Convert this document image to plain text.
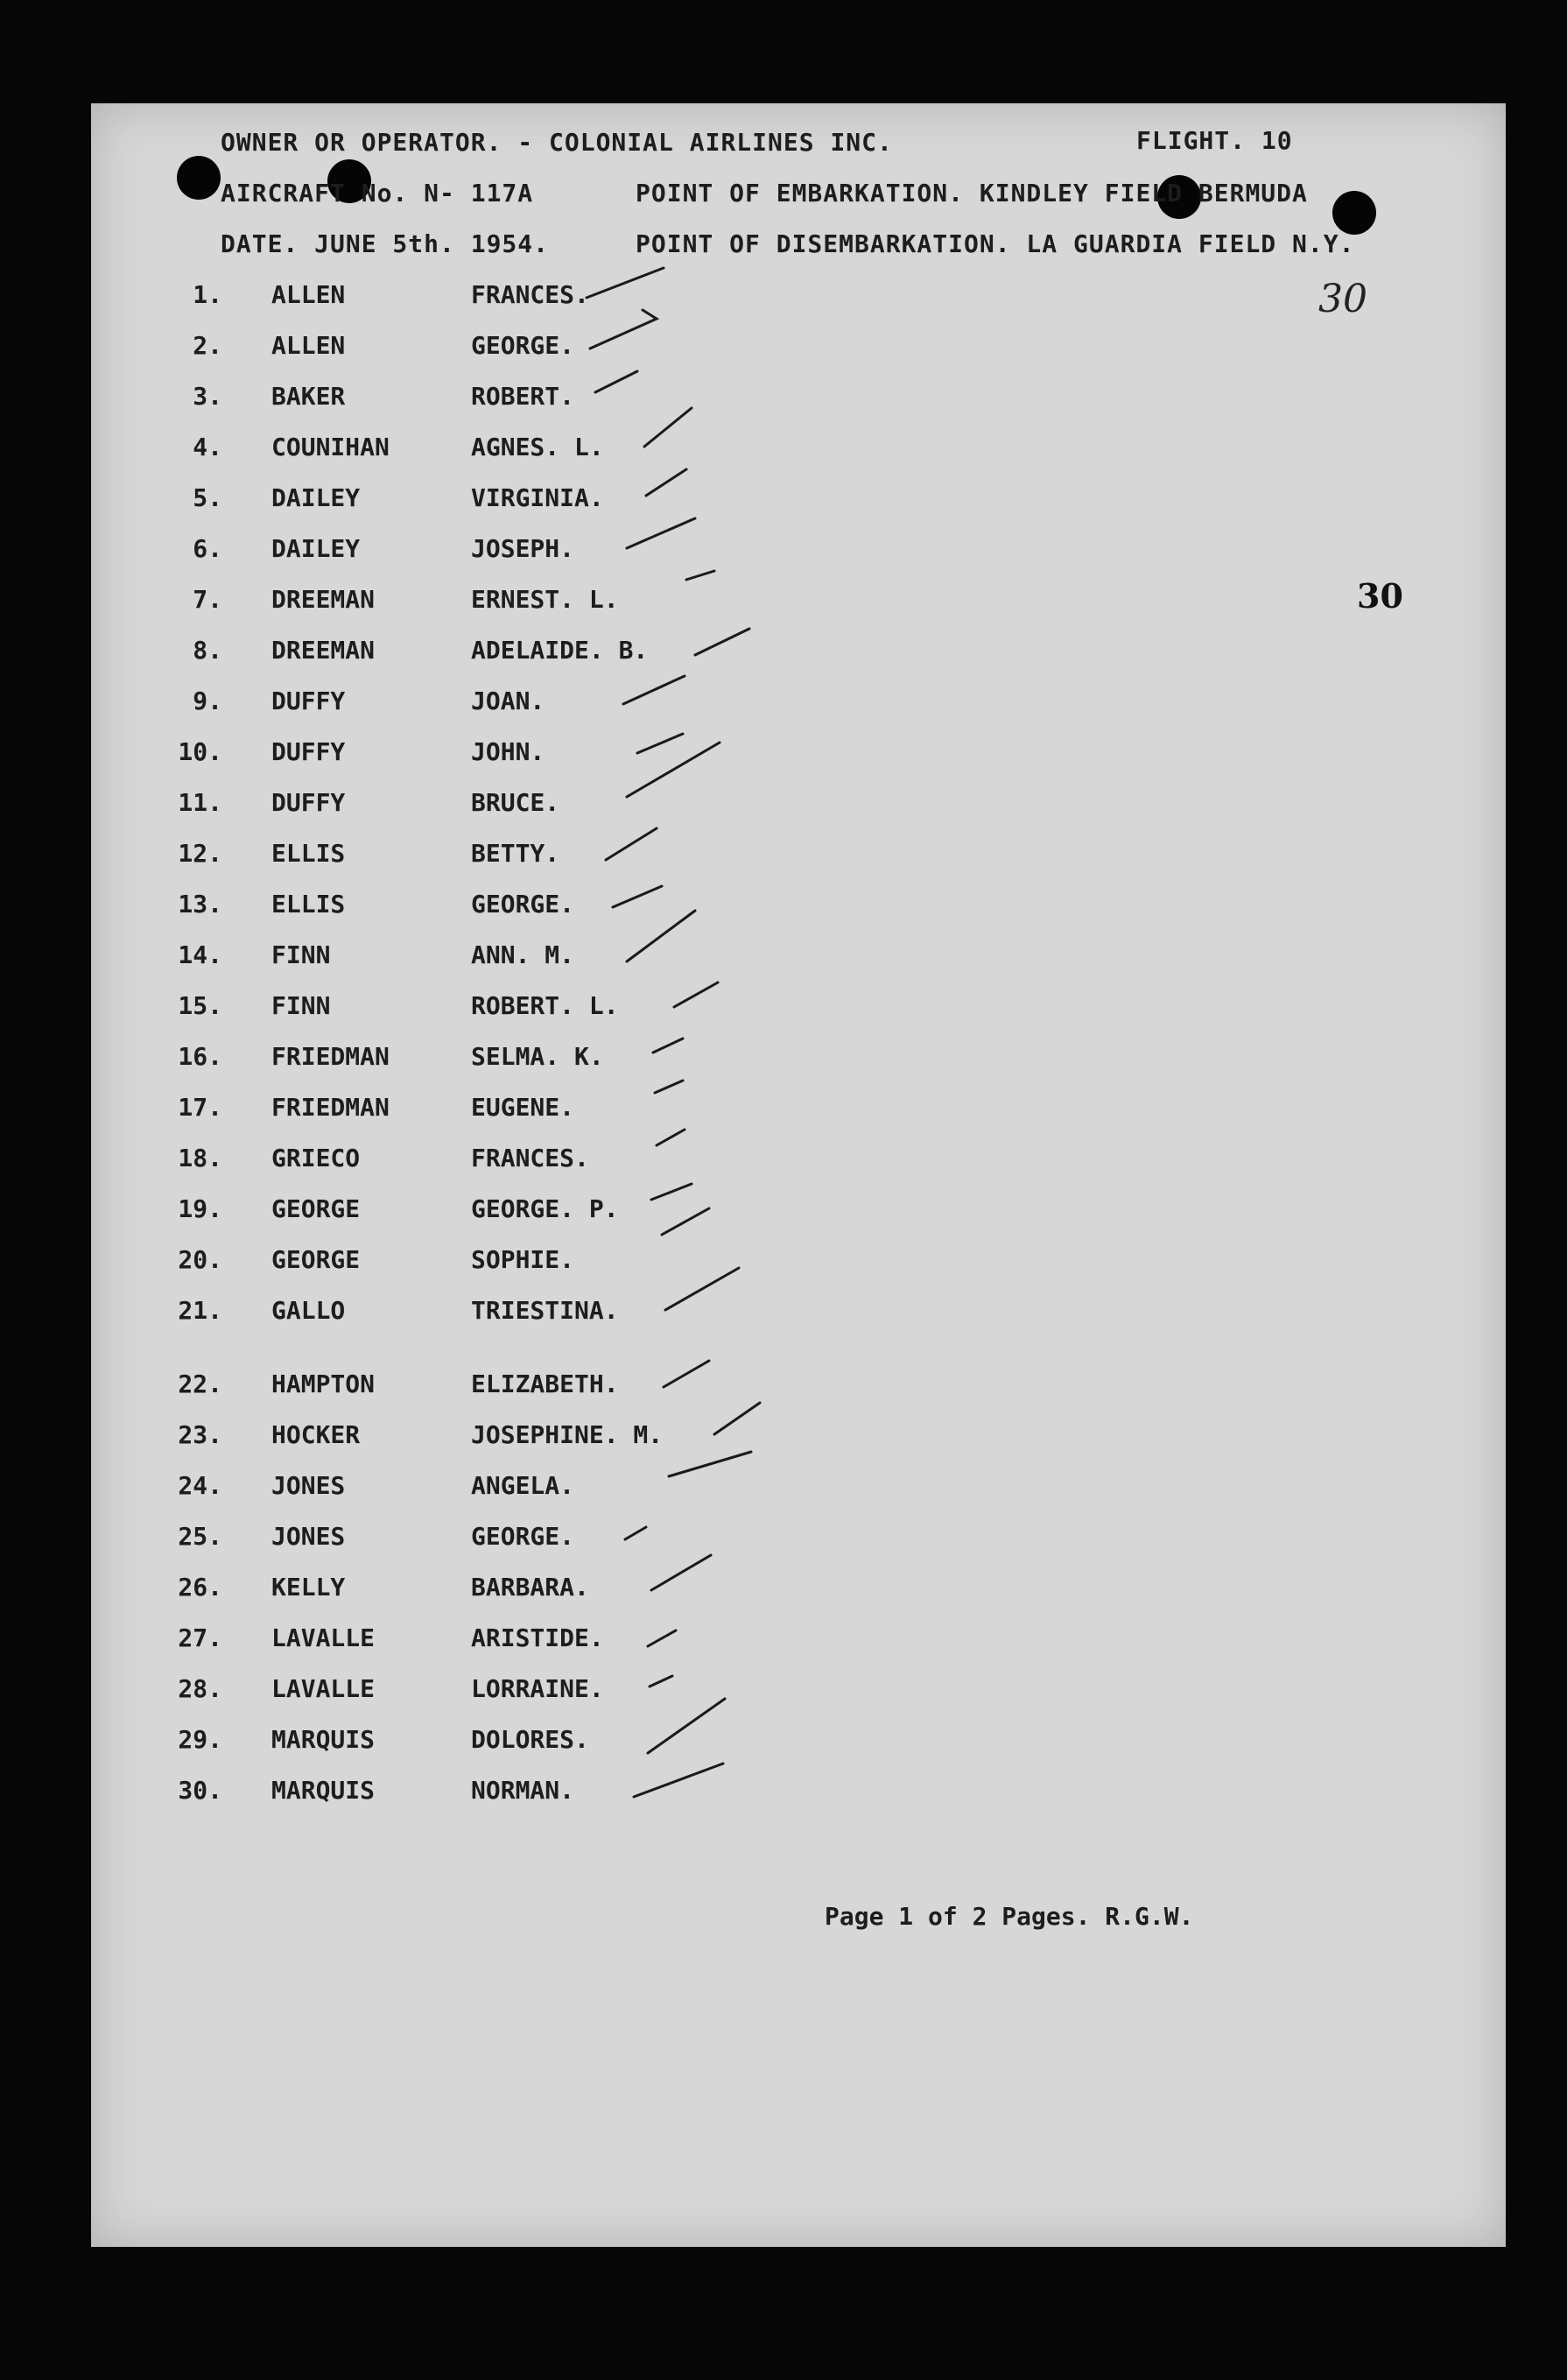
OWNER OR OPERATOR. - COLONIAL AIRLINES INC.	FLIGHT. 10
AIRCRAFT No. N- 117A	POINT OF EMBARKATION. KINDLEY FIELD BERMUDA
DATE. JUNE 5th. 1954.	POINT OF DISEMBARKATION. LA GUARDIA FIELD N.Y.
30
30
1. ALLEN	FRANCES.
2. ALLEN	GEORGE.
3. BAKER	ROBERT.
4. COUNIHAN	AGNES. L.
5. DAILEY	VIRGINIA.
6. DAILEY	JOSEPH.
7. DREEMAN	ERNEST. L.
8. DREEMAN	ADELAIDE. B.
9. DUFFY	JOAN.
10. DUFFY	JOHN.
11. DUFFY	BRUCE.
12. ELLIS	BETTY.
13. ELLIS	GEORGE.
14. FINN	ANN. M.
15. FINN	ROBERT. L.
16. FRIEDMAN	SELMA. K.
17. FRIEDMAN	EUGENE.
18. GRIECO	FRANCES.
19. GEORGE	GEORGE. P.
20. GEORGE	SOPHIE.
21. GALLO	TRIESTINA.
22. HAMPTON	ELIZABETH.
23. HOCKER	JOSEPHINE. M.
24. JONES	ANGELA.
25. JONES	GEORGE.
26. KELLY	BARBARA.
27. LAVALLE	ARISTIDE.
28. LAVALLE	LORRAINE.
29. MARQUIS	DOLORES.
30. MARQUIS	NORMAN.
Page 1 of 2 Pages. R.G.W.
